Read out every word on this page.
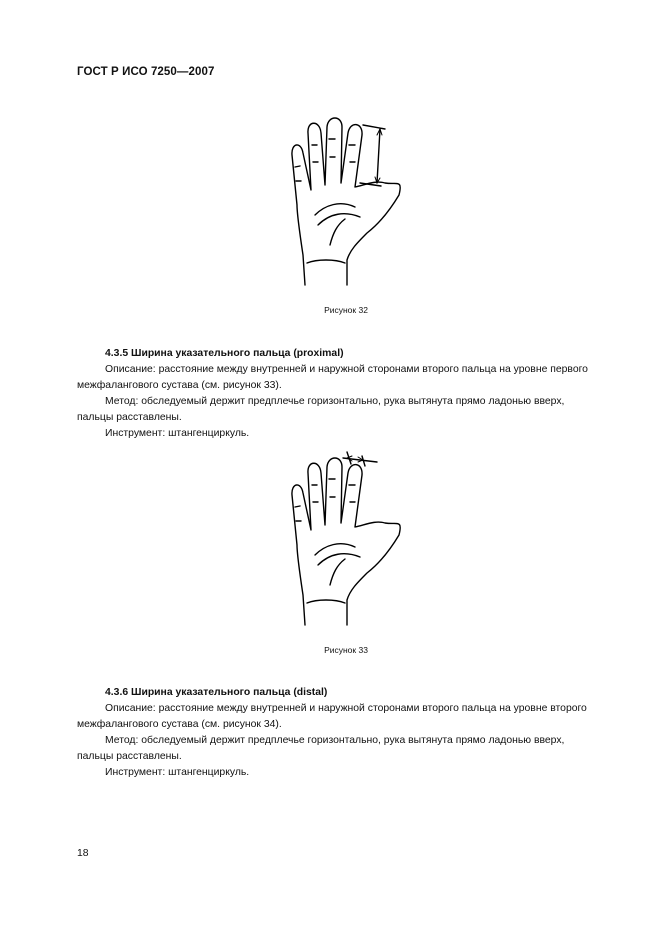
ГОСТ Р ИСО 7250—2007
Рисунок 32
4.3.5 Ширина указательного пальца (proximal)

Описание: расстояние между внутренней и наружной сторонами второго пальца на уровне первого

межфалангового сустава (см. рисунок 33).

Метод: обследуемый держит предплечье горизонтально, рука вытянута прямо ладонью вверх,

пальцы расставлены.

Инструмент: штангенциркуль.

Рисунок 33
4.3.6 Ширина указательного пальца (distal)

Описание: расстояние между внутренней и наружной сторонами второго пальца на уровне второго

межфалангового сустава (см. рисунок 34).

Метод: обследуемый держит предплечье горизонтально, рука вытянута прямо ладонью вверх,

пальцы расставлены.

Инструмент: штангенциркуль.

18
